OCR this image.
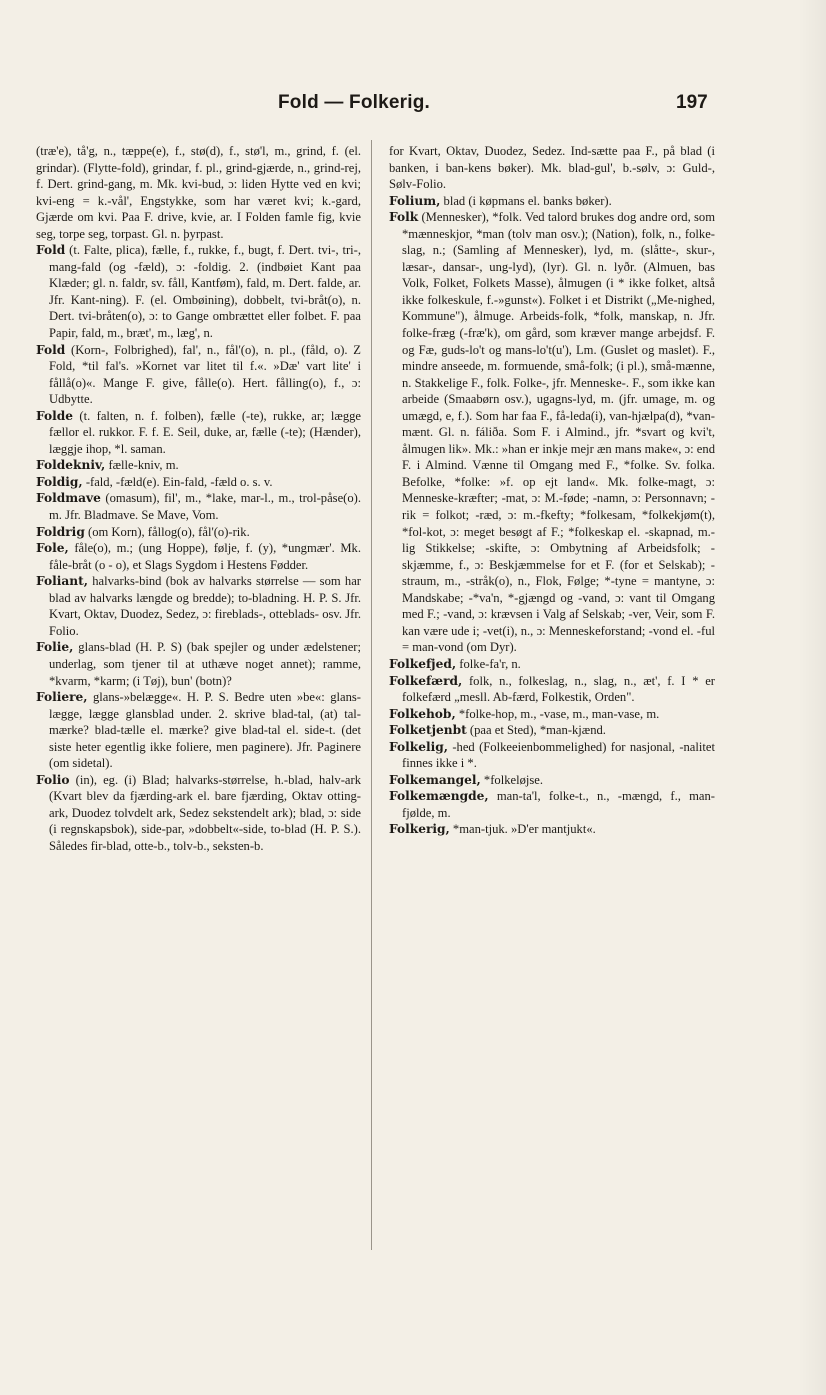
Fold — Folkerig.	197
(træ'e), tå'g, n., tæppe(e), f., stø(d), f., stø'l, m., grind, f. (el. grindar). (Flytte-fold), grindar, f. pl., grind-gjærde, n., grind-rej, f. Dert. grind-gang, m. Mk. kvi-bud, ɔ: liden Hytte ved en kvi; kvi-eng = k.-vål', Engstykke, som har været kvi; k.-gard, Gjærde om kvi. Paa F. drive, kvie, ar. I Folden famle fig, kvie seg, torpe seg, torpast. Gl. n. þyrpast.
Fold (t. Falte, plica), fælle, f., rukke, f., bugt, f. Dert. tvi-, tri-, mang-fald (og -fæld), ɔ: -foldig. 2. (indbøiet Kant paa Klæder; gl. n. faldr, sv. fåll, Kantføm), fald, m. Dert. falde, ar. Jfr. Kant-ning). F. (el. Ombøining), dobbelt, tvi-bråt(o), n. Dert. tvi-bråten(o), ɔ: to Gange ombrættet eller folbet. F. paa Papir, fald, m., bræt', m., læg', n.
Fold (Korn-, Folbrighed), fal', n., fål'(o), n. pl., (fåld, o). Z Fold, *til fal's. »Kornet var litet til f.«. »Dæ' vart lite' i fållå(o)«. Mange F. give, fålle(o). Hert. fålling(o), f., ɔ: Udbytte.
Folde (t. falten, n. f. folben), fælle (-te), rukke, ar; lægge fællor el. rukkor. F. f. E. Seil, duke, ar, fælle (-te); (Hænder), læggje ihop, *l. saman.
Foldekniv, fælle-kniv, m.
Foldig, -fald, -fæld(e). Ein-fald, -fæld o. s. v.
Foldmave (omasum), fil', m., *lake, mar-l., m., trol-påse(o). m. Jfr. Bladmave. Se Mave, Vom.
Foldrig (om Korn), fållog(o), fål'(o)-rik.
Fole, fåle(o), m.; (ung Hoppe), følje, f. (y), *ungmær'. Mk. fåle-bråt (o - o), et Slags Sygdom i Hestens Fødder.
Foliant, halvarks-bind (bok av halvarks størrelse — som har blad av halvarks længde og bredde); to-bladning. H. P. S. Jfr. Kvart, Oktav, Duodez, Sedez, ɔ: fireblads-, otteblads- osv. Jfr. Folio.
Folie, glans-blad (H. P. S) (bak spejler og under ædelstener; underlag, som tjener til at uthæve noget annet); ramme, *kvarm, *karm; (i Tøj), bun' (botn)?
Foliere, glans-»belægge«. H. P. S. Bedre uten »be«: glans-lægge, lægge glansblad under. 2. skrive blad-tal, (at) tal-mærke? blad-tælle el. mærke? give blad-tal el. side-t. (det siste heter egentlig ikke foliere, men paginere). Jfr. Paginere (om sidetal).
Folio (in), eg. (i) Blad; halvarks-størrelse, h.-blad, halv-ark (Kvart blev da fjærding-ark el. bare fjærding, Oktav otting-ark, Duodez tolvdelt ark, Sedez sekstendelt ark); blad, ɔ: side (i regnskapsbok), side-par, »dobbelt«-side, to-blad (H. P. S.). Således fir-blad, otte-b., tolv-b., seksten-b.
for Kvart, Oktav, Duodez, Sedez. Ind-sætte paa F., på blad (i banken, i ban-kens bøker). Mk. blad-gul', b.-sølv, ɔ: Guld-, Sølv-Folio.
Folium, blad (i køpmans el. banks bøker).
Folk (Mennesker), *folk. Ved talord brukes dog andre ord, som *mænneskjor, *man (tolv man osv.); (Nation), folk, n., folke-slag, n.; (Samling af Mennesker), lyd, m. (slåtte-, skur-, læsar-, dansar-, ung-lyd), (lyr). Gl. n. lyðr. (Almuen, bas Volk, Folket, Folkets Masse), ålmugen (i * ikke folket, altså ikke folkeskule, f.-»gunst«). Folket i et Distrikt („Me-nighed, Kommune"), ålmuge. Arbeids-folk, *folk, manskap, n. Jfr. folke-fræg (-fræ'k), om gård, som kræver mange arbejdsf. F. og Fæ, guds-lo't og mans-lo't(u'), Lm. (Guslet og maslet). F., mindre anseede, m. formuende, små-folk; (i pl.), små-mænne, n. Stakkelige F., folk. Folke-, jfr. Menneske-. F., som ikke kan arbeide (Smaabørn osv.), ugagns-lyd, m. (jfr. umage, m. og umægd, e, f.). Som har faa F., få-leda(i), van-hjælpa(d), *van-mænt. Gl. n. fáliða. Som F. i Almind., jfr. *svart og kvi't, ålmugen lik». Mk.: »han er inkje mejr æn mans make«, ɔ: end F. i Almind. Vænne til Omgang med F., *folke. Sv. folka. Befolke, *folke: »f. op ejt land«. Mk. folke-magt, ɔ: Menneske-kræfter; -mat, ɔ: M.-føde; -namn, ɔ: Personnavn; -rik = folkot; -ræd, ɔ: m.-fkefty; *folkesam, *folkekjøm(t), *fol-kot, ɔ: meget besøgt af F.; *folkeskap el. -skapnad, m.-lig Stikkelse; -skifte, ɔ: Ombytning af Arbeidsfolk; -skjæmme, f., ɔ: Beskjæmmelse for et F. (for et Selskab); -straum, m., -stråk(o), n., Flok, Følge; *-tyne = mantyne, ɔ: Mandskabe; -*va'n, *-gjængd og -vand, ɔ: vant til Omgang med F.; -vand, ɔ: krævsen i Valg af Selskab; -ver, Veir, som F. kan være ude i; -vet(i), n., ɔ: Menneskeforstand; -vond el. -ful = man-vond (om Dyr).
Folkefjed, folke-fa'r, n.
Folkefærd, folk, n., folkeslag, n., slag, n., æt', f. I * er folkefærd „mesll. Ab-færd, Folkestik, Orden".
Folkehob, *folke-hop, m., -vase, m., man-vase, m.
Folketjenbt (paa et Sted), *man-kjænd.
Folkelig, -hed (Folkeeienbommelighed) for nasjonal, -nalitet finnes ikke i *.
Folkemangel, *folkeløjse.
Folkemængde, man-ta'l, folke-t., n., -mængd, f., man-fjølde, m.
Folkerig, *man-tjuk. »D'er mantjukt«.
